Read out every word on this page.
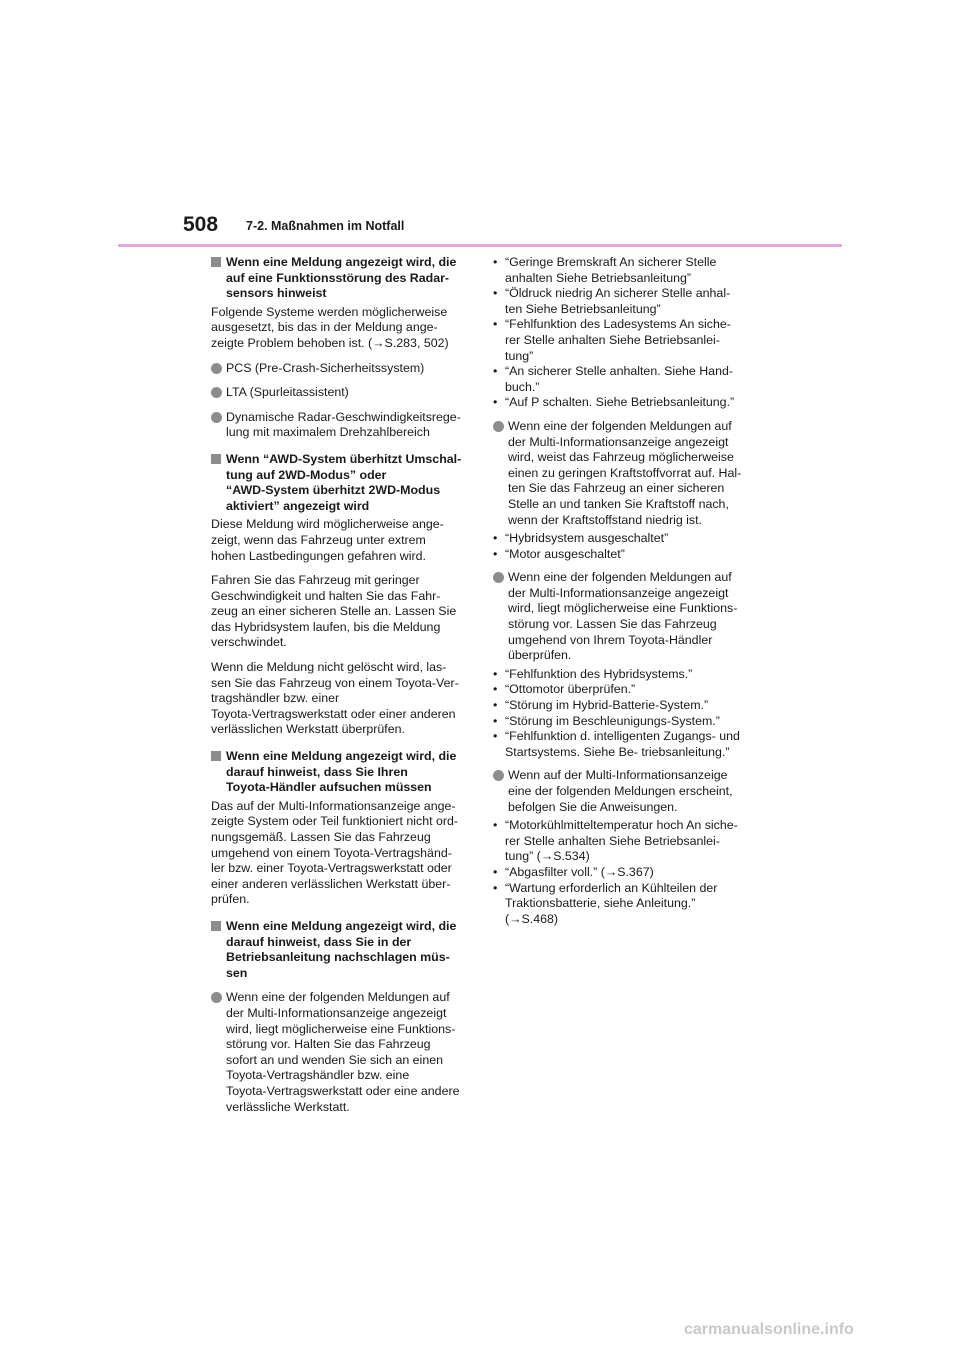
508 7-2. Maßnahmen im Notfall
Wenn eine Meldung angezeigt wird, die
auf eine Funktionsstörung des Radar-
sensors hinweist
Folgende Systeme werden möglicherweise
ausgesetzt, bis das in der Meldung ange-
zeigte Problem behoben ist. (→S.283, 502)
PCS (Pre-Crash-Sicherheitssystem)
LTA (Spurleitassistent)
Dynamische Radar-Geschwindigkeitsrege-
lung mit maximalem Drehzahlbereich
Wenn “AWD-System überhitzt Umschal-
tung auf 2WD-Modus” oder
“AWD-System überhitzt 2WD-Modus
aktiviert” angezeigt wird
Diese Meldung wird möglicherweise ange-
zeigt, wenn das Fahrzeug unter extrem
hohen Lastbedingungen gefahren wird.
Fahren Sie das Fahrzeug mit geringer
Geschwindigkeit und halten Sie das Fahr-
zeug an einer sicheren Stelle an. Lassen Sie
das Hybridsystem laufen, bis die Meldung
verschwindet.
Wenn die Meldung nicht gelöscht wird, las-
sen Sie das Fahrzeug von einem Toyota-Ver-
tragshändler bzw. einer
Toyota-Vertragswerkstatt oder einer anderen
verlässlichen Werkstatt überprüfen.
Wenn eine Meldung angezeigt wird, die
darauf hinweist, dass Sie Ihren
Toyota-Händler aufsuchen müssen
Das auf der Multi-Informationsanzeige ange-
zeigte System oder Teil funktioniert nicht ord-
nungsgemäß. Lassen Sie das Fahrzeug
umgehend von einem Toyota-Vertragshänd-
ler bzw. einer Toyota-Vertragswerkstatt oder
einer anderen verlässlichen Werkstatt über-
prüfen.
Wenn eine Meldung angezeigt wird, die
darauf hinweist, dass Sie in der
Betriebsanleitung nachschlagen müs-
sen
Wenn eine der folgenden Meldungen auf
der Multi-Informationsanzeige angezeigt
wird, liegt möglicherweise eine Funktions-
störung vor. Halten Sie das Fahrzeug
sofort an und wenden Sie sich an einen
Toyota-Vertragshändler bzw. eine
Toyota-Vertragswerkstatt oder eine andere
verlässliche Werkstatt.
• “Geringe Bremskraft An sicherer Stelle
anhalten Siehe Betriebsanleitung”
• “Öldruck niedrig An sicherer Stelle anhal-
ten Siehe Betriebsanleitung”
• “Fehlfunktion des Ladesystems An siche-
rer Stelle anhalten Siehe Betriebsanlei-
tung”
• “An sicherer Stelle anhalten. Siehe Hand-
buch.”
• “Auf P schalten. Siehe Betriebsanleitung.”
Wenn eine der folgenden Meldungen auf
der Multi-Informationsanzeige angezeigt
wird, weist das Fahrzeug möglicherweise
einen zu geringen Kraftstoffvorrat auf. Hal-
ten Sie das Fahrzeug an einer sicheren
Stelle an und tanken Sie Kraftstoff nach,
wenn der Kraftstoffstand niedrig ist.
• “Hybridsystem ausgeschaltet”
• “Motor ausgeschaltet”
Wenn eine der folgenden Meldungen auf
der Multi-Informationsanzeige angezeigt
wird, liegt möglicherweise eine Funktions-
störung vor. Lassen Sie das Fahrzeug
umgehend von Ihrem Toyota-Händler
überprüfen.
• “Fehlfunktion des Hybridsystems.”
• “Ottomotor überprüfen.”
• “Störung im Hybrid-Batterie-System.”
• “Störung im Beschleunigungs-System.”
• “Fehlfunktion d. intelligenten Zugangs- und
Startsystems. Siehe Be- triebsanleitung.”
Wenn auf der Multi-Informationsanzeige
eine der folgenden Meldungen erscheint,
befolgen Sie die Anweisungen.
• “Motorkühlmitteltemperatur hoch An siche-
rer Stelle anhalten Siehe Betriebsanlei-
tung” (→S.534)
• “Abgasfilter voll.” (→S.367)
• “Wartung erforderlich an Kühlteilen der
Traktionsbatterie, siehe Anleitung.”
(→S.468)
carmanualsonline.info
